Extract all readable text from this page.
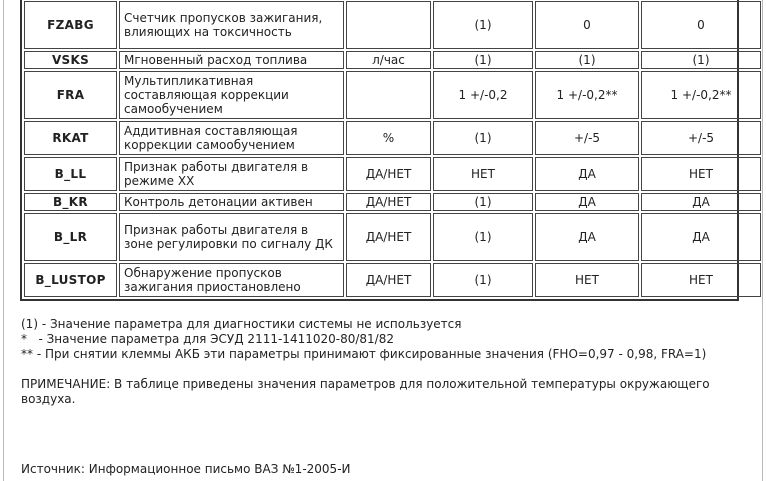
FZABG	Счетчик пропусков зажигания, влияющих на токсичность		(1)	0	0
VSKS	Мгновенный расход топлива	л/час	(1)	(1)	(1)
FRA	Мультипликативная составляющая коррекции самообучением		1 +/-0,2	1 +/-0,2**	1 +/-0,2**
RKAT	Аддитивная составляющая коррекции самообучением	%	(1)	+/-5	+/-5
B_LL	Признак работы двигателя в режиме ХХ	ДА/НЕТ	НЕТ	ДА	НЕТ
B_KR	Контроль детонации активен	ДА/НЕТ	(1)	ДА	ДА
B_LR	Признак работы двигателя в зоне регулировки по сигналу ДК	ДА/НЕТ	(1)	ДА	ДА
B_LUSTOP	Обнаружение пропусков зажигания приостановлено	ДА/НЕТ	(1)	НЕТ	НЕТ

(1) - Значение параметра для диагностики системы не используется

*   - Значение параметра для ЭСУД 2111-1411020-80/81/82

** - При снятии клеммы АКБ эти параметры принимают фиксированные значения (FHO=0,97 - 0,98, FRA=1)

ПРИМЕЧАНИЕ: В таблице приведены значения параметров для положительной температуры окружающего воздуха.

Источник: Информационное письмо ВАЗ №1-2005-И
